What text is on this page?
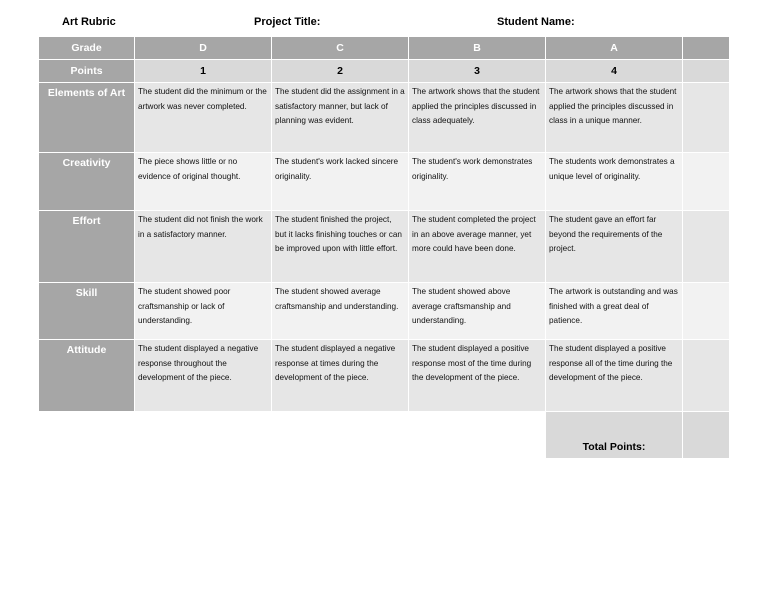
Art Rubric	Project Title:	Student Name:
Grade	D	C	B	A	
Points	1	2	3	4	
Elements of Art	The student did the minimum or the artwork was never completed.	The student did the assignment in a satisfactory manner, but lack of planning was evident.	The artwork shows that the student applied the principles discussed in class adequately.	The artwork shows that the student applied the principles discussed in class in a unique manner.	
Creativity	The piece shows little or no evidence of original thought.	The student's work lacked sincere originality.	The student's work demonstrates originality.	The students work demonstrates a unique level of originality.	
Effort	The student did not finish the work in a satisfactory manner.	The student finished the project, but it lacks finishing touches or can be improved upon with little effort.	The student completed the project in an above average manner, yet more could have been done.	The student gave an effort far beyond the requirements of the project.	
Skill	The student showed poor craftsmanship or lack of understanding.	The student showed average craftsmanship and understanding.	The student showed above average craftsmanship and understanding.	The artwork is outstanding and was finished with a great deal of patience.	
Attitude	The student displayed a negative response throughout the development of the piece.	The student displayed a negative response at times during the development of the piece.	The student displayed a positive response most of the time during the development of the piece.	The student displayed a positive response all of the time during the development of the piece.	
				Total Points:	
